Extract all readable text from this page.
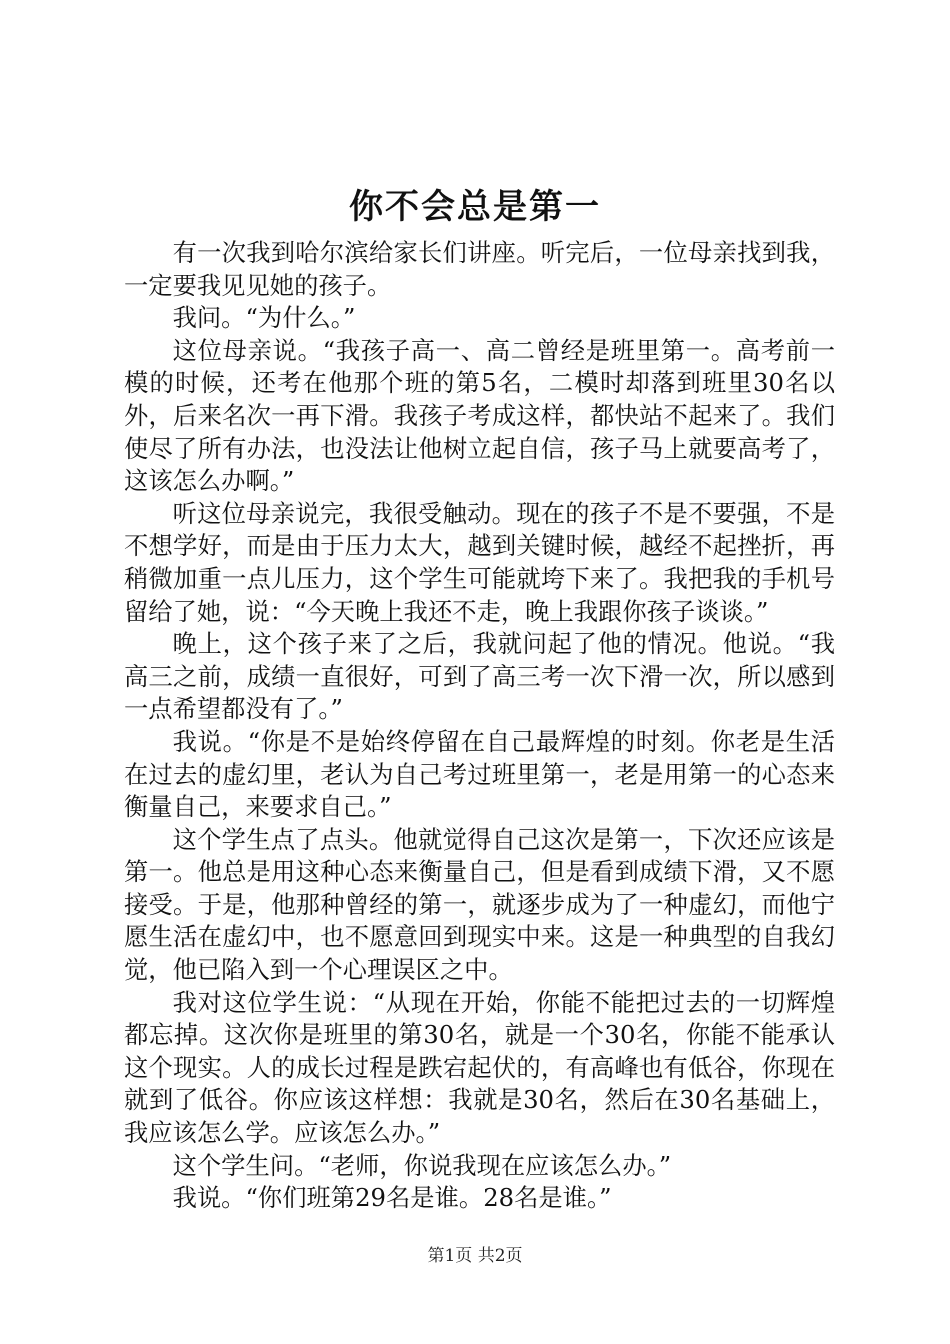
你不会总是第一

有一次我到哈尔滨给家长们讲座。听完后，一位母亲找到我，一定要我见见她的孩子。

我问。“为什么。”

这位母亲说。“我孩子高一、高二曾经是班里第一。高考前一模的时候，还考在他那个班的第5名，二模时却落到班里30名以外，后来名次一再下滑。我孩子考成这样，都快站不起来了。我们使尽了所有办法，也没法让他树立起自信，孩子马上就要高考了，这该怎么办啊。”

听这位母亲说完，我很受触动。现在的孩子不是不要强，不是不想学好，而是由于压力太大，越到关键时候，越经不起挫折，再稍微加重一点儿压力，这个学生可能就垮下来了。我把我的手机号留给了她，说：“今天晚上我还不走，晚上我跟你孩子谈谈。”

晚上，这个孩子来了之后，我就问起了他的情况。他说。“我高三之前，成绩一直很好，可到了高三考一次下滑一次，所以感到一点希望都没有了。”

我说。“你是不是始终停留在自己最辉煌的时刻。你老是生活在过去的虚幻里，老认为自己考过班里第一，老是用第一的心态来衡量自己，来要求自己。”

这个学生点了点头。他就觉得自己这次是第一，下次还应该是第一。他总是用这种心态来衡量自己，但是看到成绩下滑，又不愿接受。于是，他那种曾经的第一，就逐步成为了一种虚幻，而他宁愿生活在虚幻中，也不愿意回到现实中来。这是一种典型的自我幻觉，他已陷入到一个心理误区之中。

我对这位学生说：“从现在开始，你能不能把过去的一切辉煌都忘掉。这次你是班里的第30名，就是一个30名，你能不能承认这个现实。人的成长过程是跌宕起伏的，有高峰也有低谷，你现在就到了低谷。你应该这样想：我就是30名，然后在30名基础上，我应该怎么学。应该怎么办。”

这个学生问。“老师，你说我现在应该怎么办。”

我说。“你们班第29名是谁。28名是谁。”

第1页 共2页
